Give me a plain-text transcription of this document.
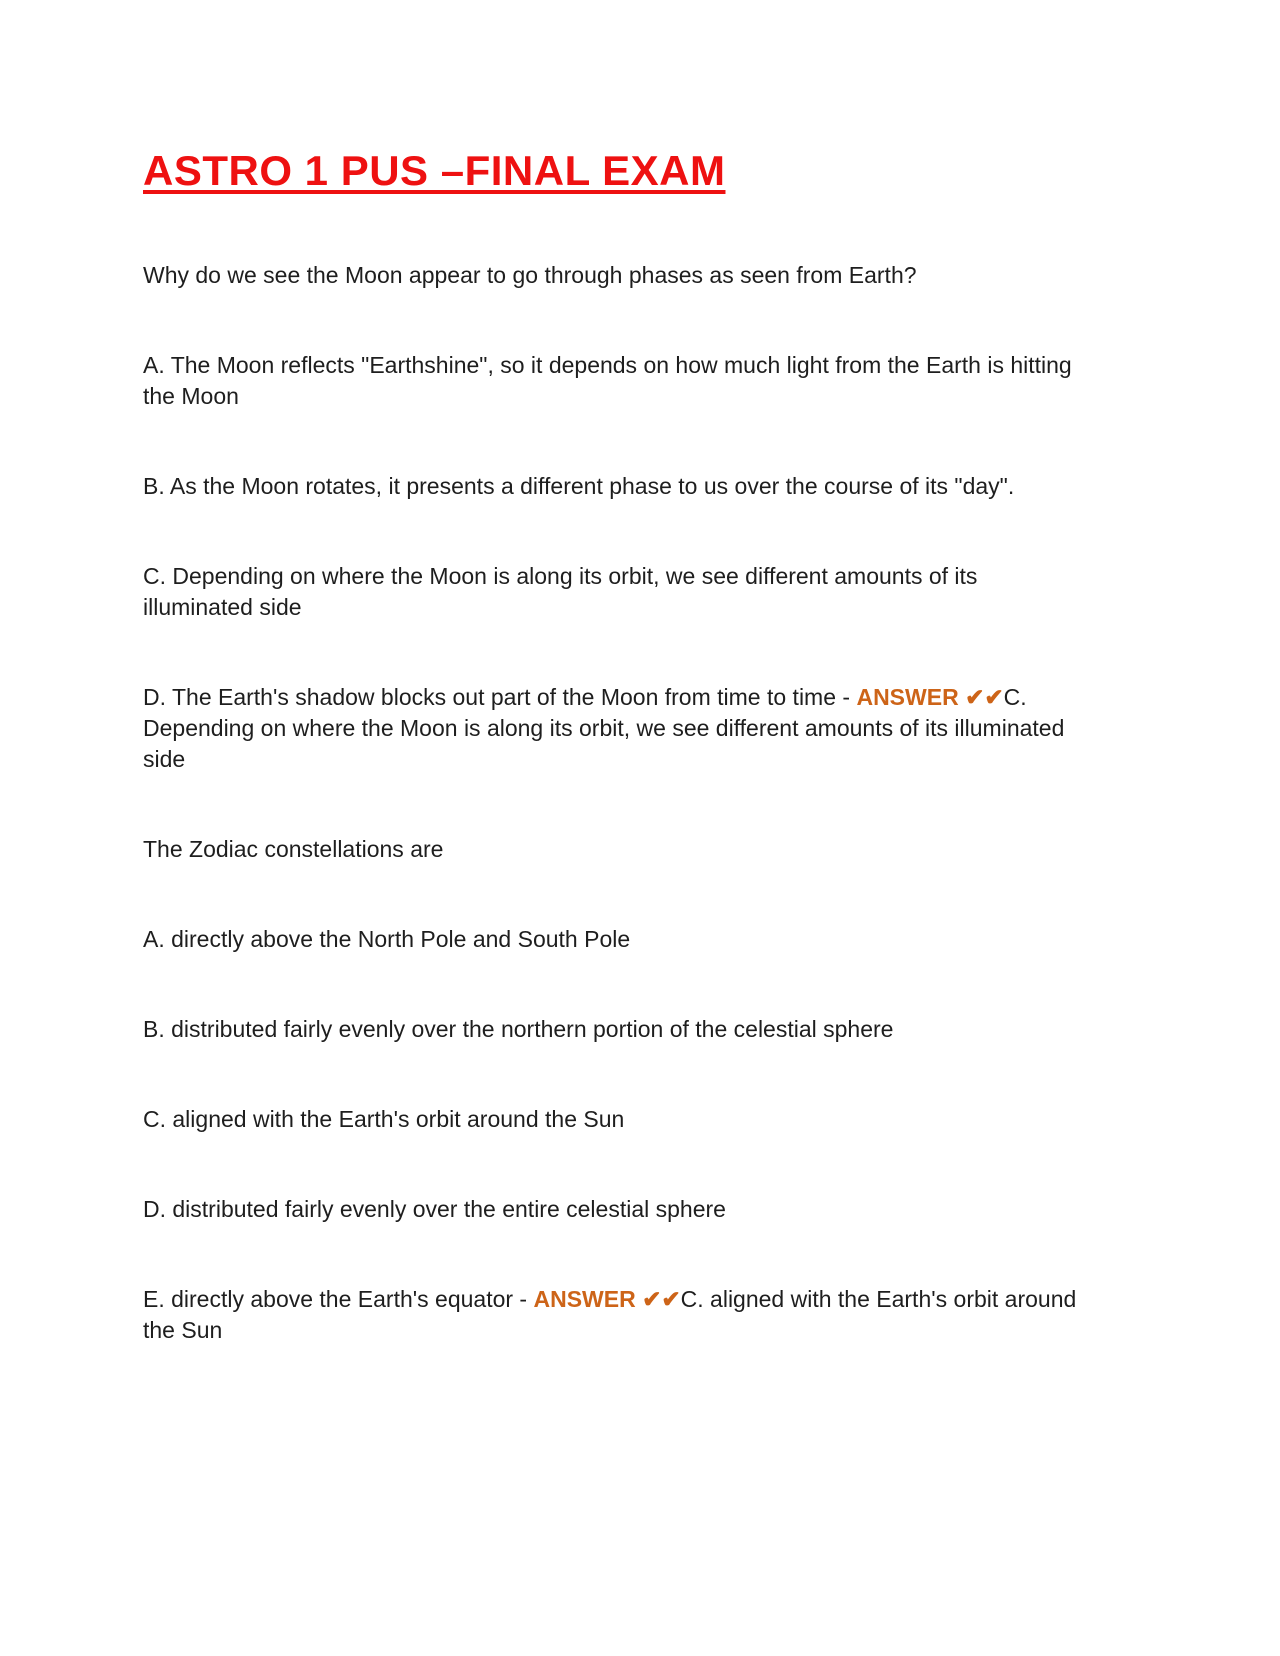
ASTRO 1 PUS –FINAL EXAM

Why do we see the Moon appear to go through phases as seen from Earth?

A. The Moon reflects "Earthshine", so it depends on how much light from the Earth is hitting the Moon

B. As the Moon rotates, it presents a different phase to us over the course of its "day".

C. Depending on where the Moon is along its orbit, we see different amounts of its illuminated side

D. The Earth's shadow blocks out part of the Moon from time to time - ANSWER ✔✔C. Depending on where the Moon is along its orbit, we see different amounts of its illuminated side

The Zodiac constellations are

A. directly above the North Pole and South Pole

B. distributed fairly evenly over the northern portion of the celestial sphere

C. aligned with the Earth's orbit around the Sun

D. distributed fairly evenly over the entire celestial sphere

E. directly above the Earth's equator - ANSWER ✔✔C. aligned with the Earth's orbit around the Sun
